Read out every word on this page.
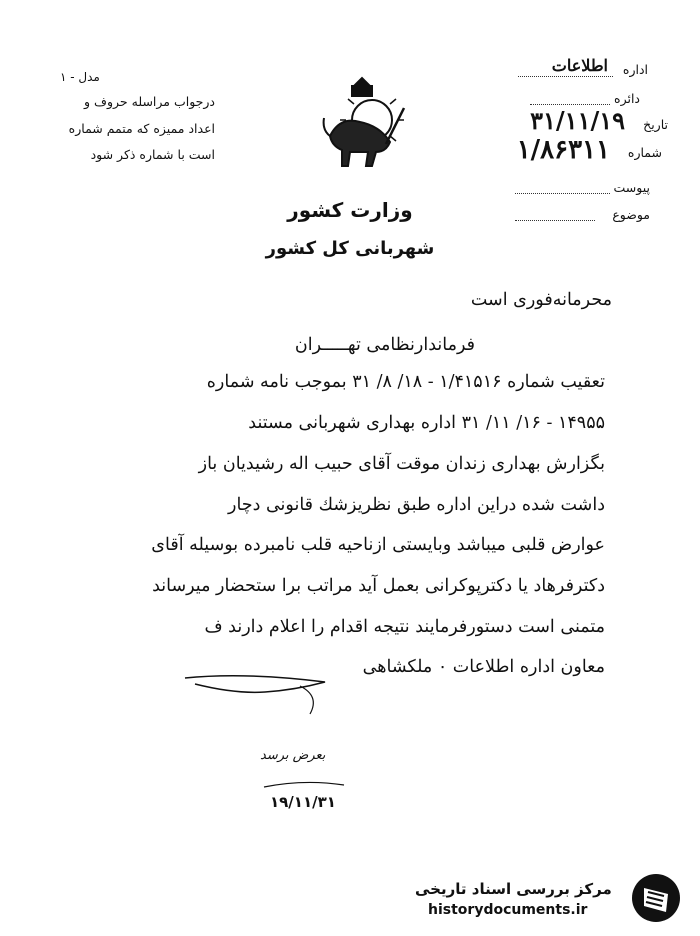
مدل - ۱
درجواب مراسله حروف و
اعداد ممیزه که متمم شماره
است با شماره ذکر شود
اداره
اطلاعات
دائره
تاریخ
۳۱/۱۱/۱۹
شماره
۱/۸۶۳۱۱
پیوست
موضوع
وزارت کشور
شهربانی کل کشور
محرمانه‌فوری است
فرماندارنظامی تهـــــران
تعقیب شماره ۱/۴۱۵۱۶ - ۱۸/ ۸/ ۳۱ بموجب نامه شماره
۱۴۹۵۵ - ۱۶/ ۱۱/ ۳۱ اداره بهداری شهربانی مستند
بگزارش بهداری زندان موقت آقای حبیب اله رشیدیان باز
داشت شده دراین اداره طبق نظریزشك قانونی دچار
عوارض قلبی میباشد وبایستی ازناحیه قلب نامبرده بوسیله آقای
دکترفرهاد یا دکترپوکرانی بعمل آید مراتب برا ستحضار میرساند
متمنی است دستورفرمایند نتیجه اقدام را اعلام دارند ف
معاون اداره اطلاعات ۰ ملکشاهی
بعرض برسد
۱۹/۱۱/۳۱
مرکز بررسی اسناد تاریخی
historydocuments.ir
